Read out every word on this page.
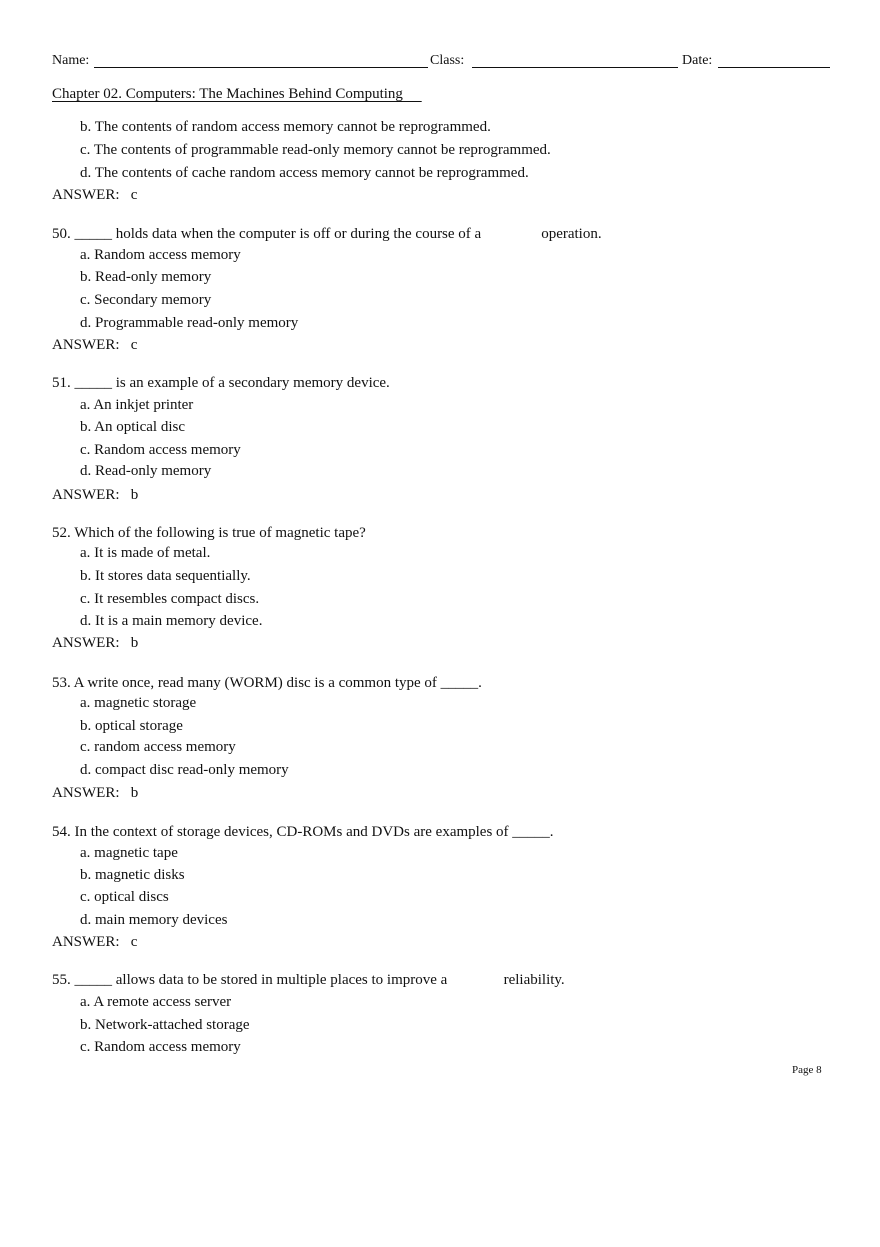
Name:	Class:	Date:
Chapter 02. Computers: The Machines Behind Computing
b. The contents of random access memory cannot be reprogrammed.
c. The contents of programmable read-only memory cannot be reprogrammed.
d. The contents of cache random access memory cannot be reprogrammed.
ANSWER:   c
50. _____ holds data when the computer is off or during the course of a                operation.
a. Random access memory
b. Read-only memory
c. Secondary memory
d. Programmable read-only memory
ANSWER:   c
51. _____ is an example of a secondary memory device.
a. An inkjet printer
b. An optical disc
c. Random access memory
d. Read-only memory
ANSWER:   b
52. Which of the following is true of magnetic tape?
a. It is made of metal.
b. It stores data sequentially.
c. It resembles compact discs.
d. It is a main memory device.
ANSWER:   b
53. A write once, read many (WORM) disc is a common type of _____.
a. magnetic storage
b. optical storage
c. random access memory
d. compact disc read-only memory
ANSWER:   b
54. In the context of storage devices, CD-ROMs and DVDs are examples of _____.
a. magnetic tape
b. magnetic disks
c. optical discs
d. main memory devices
ANSWER:   c
55. _____ allows data to be stored in multiple places to improve a               reliability.
a. A remote access server
b. Network-attached storage
c. Random access memory
Page 8
